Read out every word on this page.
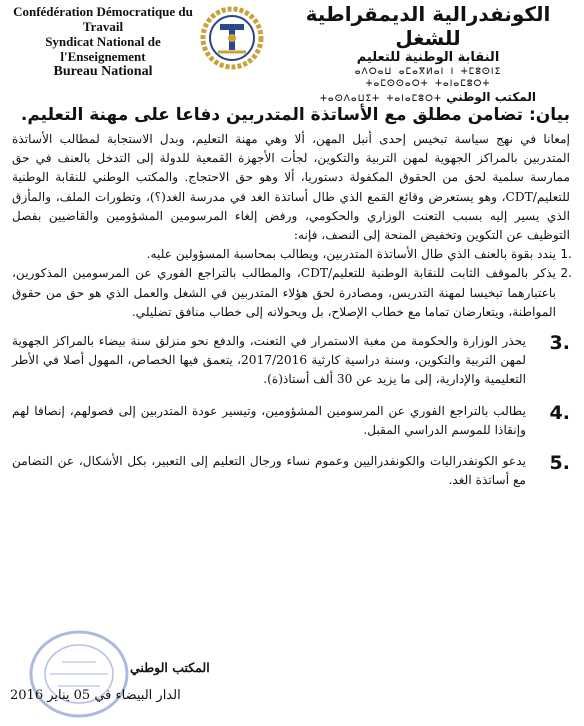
Confédération Démocratique du Travail
Syndicat National de l'Enseignement
Bureau National
الكونفدرالية الديمقراطية للشغل
النقابة الوطنية للتعليم
ⴰⴷⵔⴰⵡ ⴰⵎⴰⴳⵍⴰⵏ ⵏ ⵜⵎⵓⵙⵏⵉ
ⵜⴰⵎⵙⵙⴰⵔⵜ ⵜⴰⵏⴰⵎⵓⵔⵜ
المكتب الوطني ⵜⴰⵙⴷⴰⵡⵉⵜ ⵜⴰⵏⴰⵎⵓⵔⵜ
بيان: تضامن مطلق مع الأساتذة المتدربين دفاعا على مهنة التعليم.
إمعانا في نهج سياسة تبخيس إحدى أنبل المهن، ألا وهي مهنة التعليم، وبدل الاستجابة لمطالب الأساتذة المتدربين بالمراكز الجهوية لمهن التربية والتكوين، لجأت الأجهزة القمعية للدولة إلى التدخل بالعنف في حق ممارسة سلمية لحق من الحقوق المكفولة دستوريا، ألا وهو حق الاحتجاج. والمكتب الوطني للنقابة الوطنية للتعليم/CDT، وهو يستعرض وقائع القمع الذي طال أساتذة الغد في مدرسة الغد(؟)، وتطورات الملف، والمأزق الذي يسير إليه بسبب التعنت الوزاري والحكومي، ورفض إلغاء المرسومين المشؤومين والقاضيين بفصل التوظيف عن التكوين وتخفيض المنحة إلى النصف، فإنه:
.1
يندد بقوة بالعنف الذي طال الأساتذة المتدربين، ويطالب بمحاسبة المسؤولين عليه.
.2
يذكر بالموقف الثابت للنقابة الوطنية للتعليم/CDT، والمطالب بالتراجع الفوري عن المرسومين المذكورين، باعتبارهما تبخيسا لمهنة التدريس، ومصادرة لحق هؤلاء المتدربين في الشغل والعمل الذي هو حق من حقوق المواطنة، ويتعارضان تماما مع خطاب الإصلاح، بل ويحولانه إلى خطاب منافق تضليلي.
.3
يحذر الوزارة والحكومة من مغبة الاستمرار في التعنت، والدفع نحو منزلق سنة بيضاء بالمراكز الجهوية لمهن التربية والتكوين، وسنة دراسية كارثية 2017/2016، يتعمق فيها الخصاص، المهول أصلا في الأطر التعليمية والإدارية، إلى ما يزيد عن 30 ألف أستاذ(ة).
.4
يطالب بالتراجع الفوري عن المرسومين المشؤومين، وتيسير عودة المتدربين إلى فصولهم، إنصافا لهم وإنقاذا للموسم الدراسي المقبل.
.5
يدعو الكونفدراليات والكونفدراليين وعموم نساء ورجال التعليم إلى التعبير، بكل الأشكال، عن التضامن مع أساتذة الغد.
المكتب الوطني
الدار البيضاء في 05 يناير 2016
